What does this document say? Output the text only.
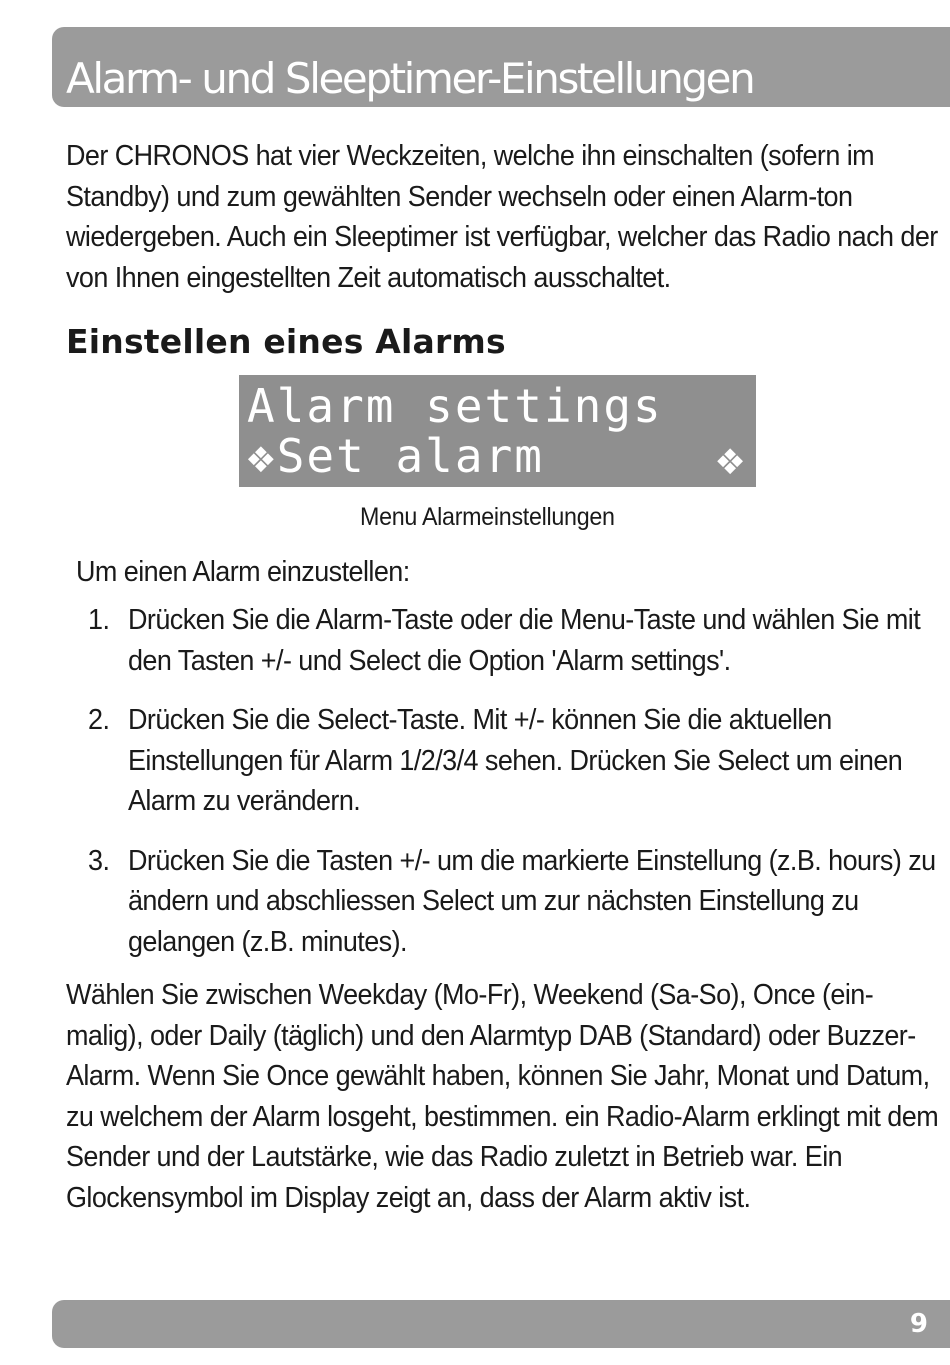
Alarm- und Sleeptimer-Einstellungen
Der CHRONOS hat vier Weckzeiten, welche ihn einschalten (sofern im Standby) und zum gewählten Sender wechseln oder einen Alarm-ton wiedergeben. Auch ein Sleeptimer ist verfügbar, welcher das Radio nach der von Ihnen eingestellten Zeit automatisch ausschaltet.
Einstellen eines Alarms
Alarm settings
❖Set alarm	❖
Menu Alarmeinstellungen
Um einen Alarm einzustellen:
1. Drücken Sie die Alarm-Taste oder die Menu-Taste und wählen Sie mit den Tasten +/- und Select die Option 'Alarm settings'.
2. Drücken Sie die Select-Taste. Mit +/- können Sie die aktuellen Einstellungen für Alarm 1/2/3/4 sehen. Drücken Sie Select um einen Alarm zu verändern.
3. Drücken Sie die Tasten +/- um die markierte Einstellung (z.B. hours) zu ändern und abschliessen Select um zur nächsten Einstellung zu gelangen (z.B. minutes).
Wählen Sie zwischen Weekday (Mo-Fr), Weekend (Sa-So), Once (ein-malig), oder Daily (täglich) und den Alarmtyp DAB (Standard) oder Buzzer-Alarm. Wenn Sie Once gewählt haben, können Sie Jahr, Monat und Datum, zu welchem der Alarm losgeht, bestimmen. ein Radio-Alarm erklingt mit dem Sender und der Lautstärke, wie das Radio zuletzt in Betrieb war. Ein Glockensymbol im Display zeigt an, dass der Alarm aktiv ist.
9
